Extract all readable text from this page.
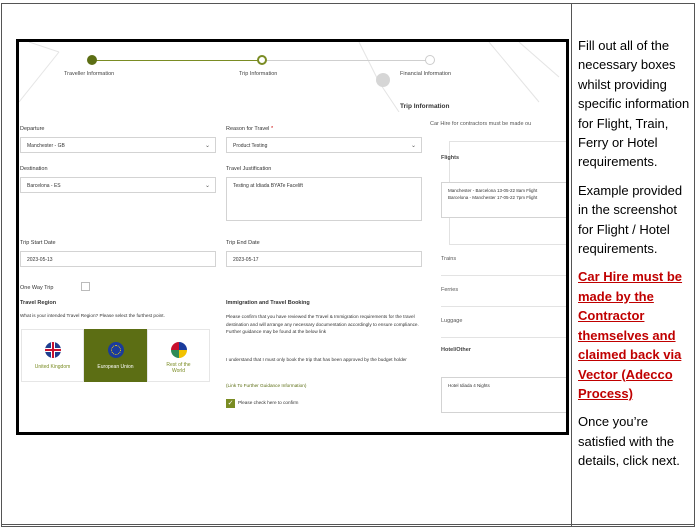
Traveller Information	Trip Information	Financial Information
Trip Information
Departure
Manchester - GB	⌄
Reason for Travel *
Product Testing	⌄
Destination
Barcelona - ES	⌄
Travel Justification
Testing at Idiada BYATe Facelift
Trip Start Date
2023-05-13
Trip End Date
2023-05-17
One Way Trip
Travel Region
What is your intended Travel Region? Please select the furthest point.
United Kingdom	European Union	Rest of the World
Immigration and Travel Booking
Please confirm that you have reviewed the Travel & Immigration requirements for the travel destination and will arrange any necessary documentation accordingly to ensure compliance. Further guidance may be found at the below link
I understand that I must only book the trip that has been approved by the budget holder
(Link To Further Guidance Information)
✓ Please check here to confirm
Car Hire for contractors must be made ou
Flights
Manchester - Barcelona 13-05-22 8am Flight
Barcelona - Manchester 17-05-22 7pm Flight
Trains
Ferries
Luggage
Hotel/Other
Hotel Idiada 4 Nights

Fill out all of the necessary boxes whilst providing specific information for Flight, Train, Ferry or Hotel requirements.

Example provided in the screenshot for Flight / Hotel requirements.

Car Hire must be made by the Contractor themselves and claimed back via Vector (Adecco Process)

Once you’re satisfied with the details, click next.
